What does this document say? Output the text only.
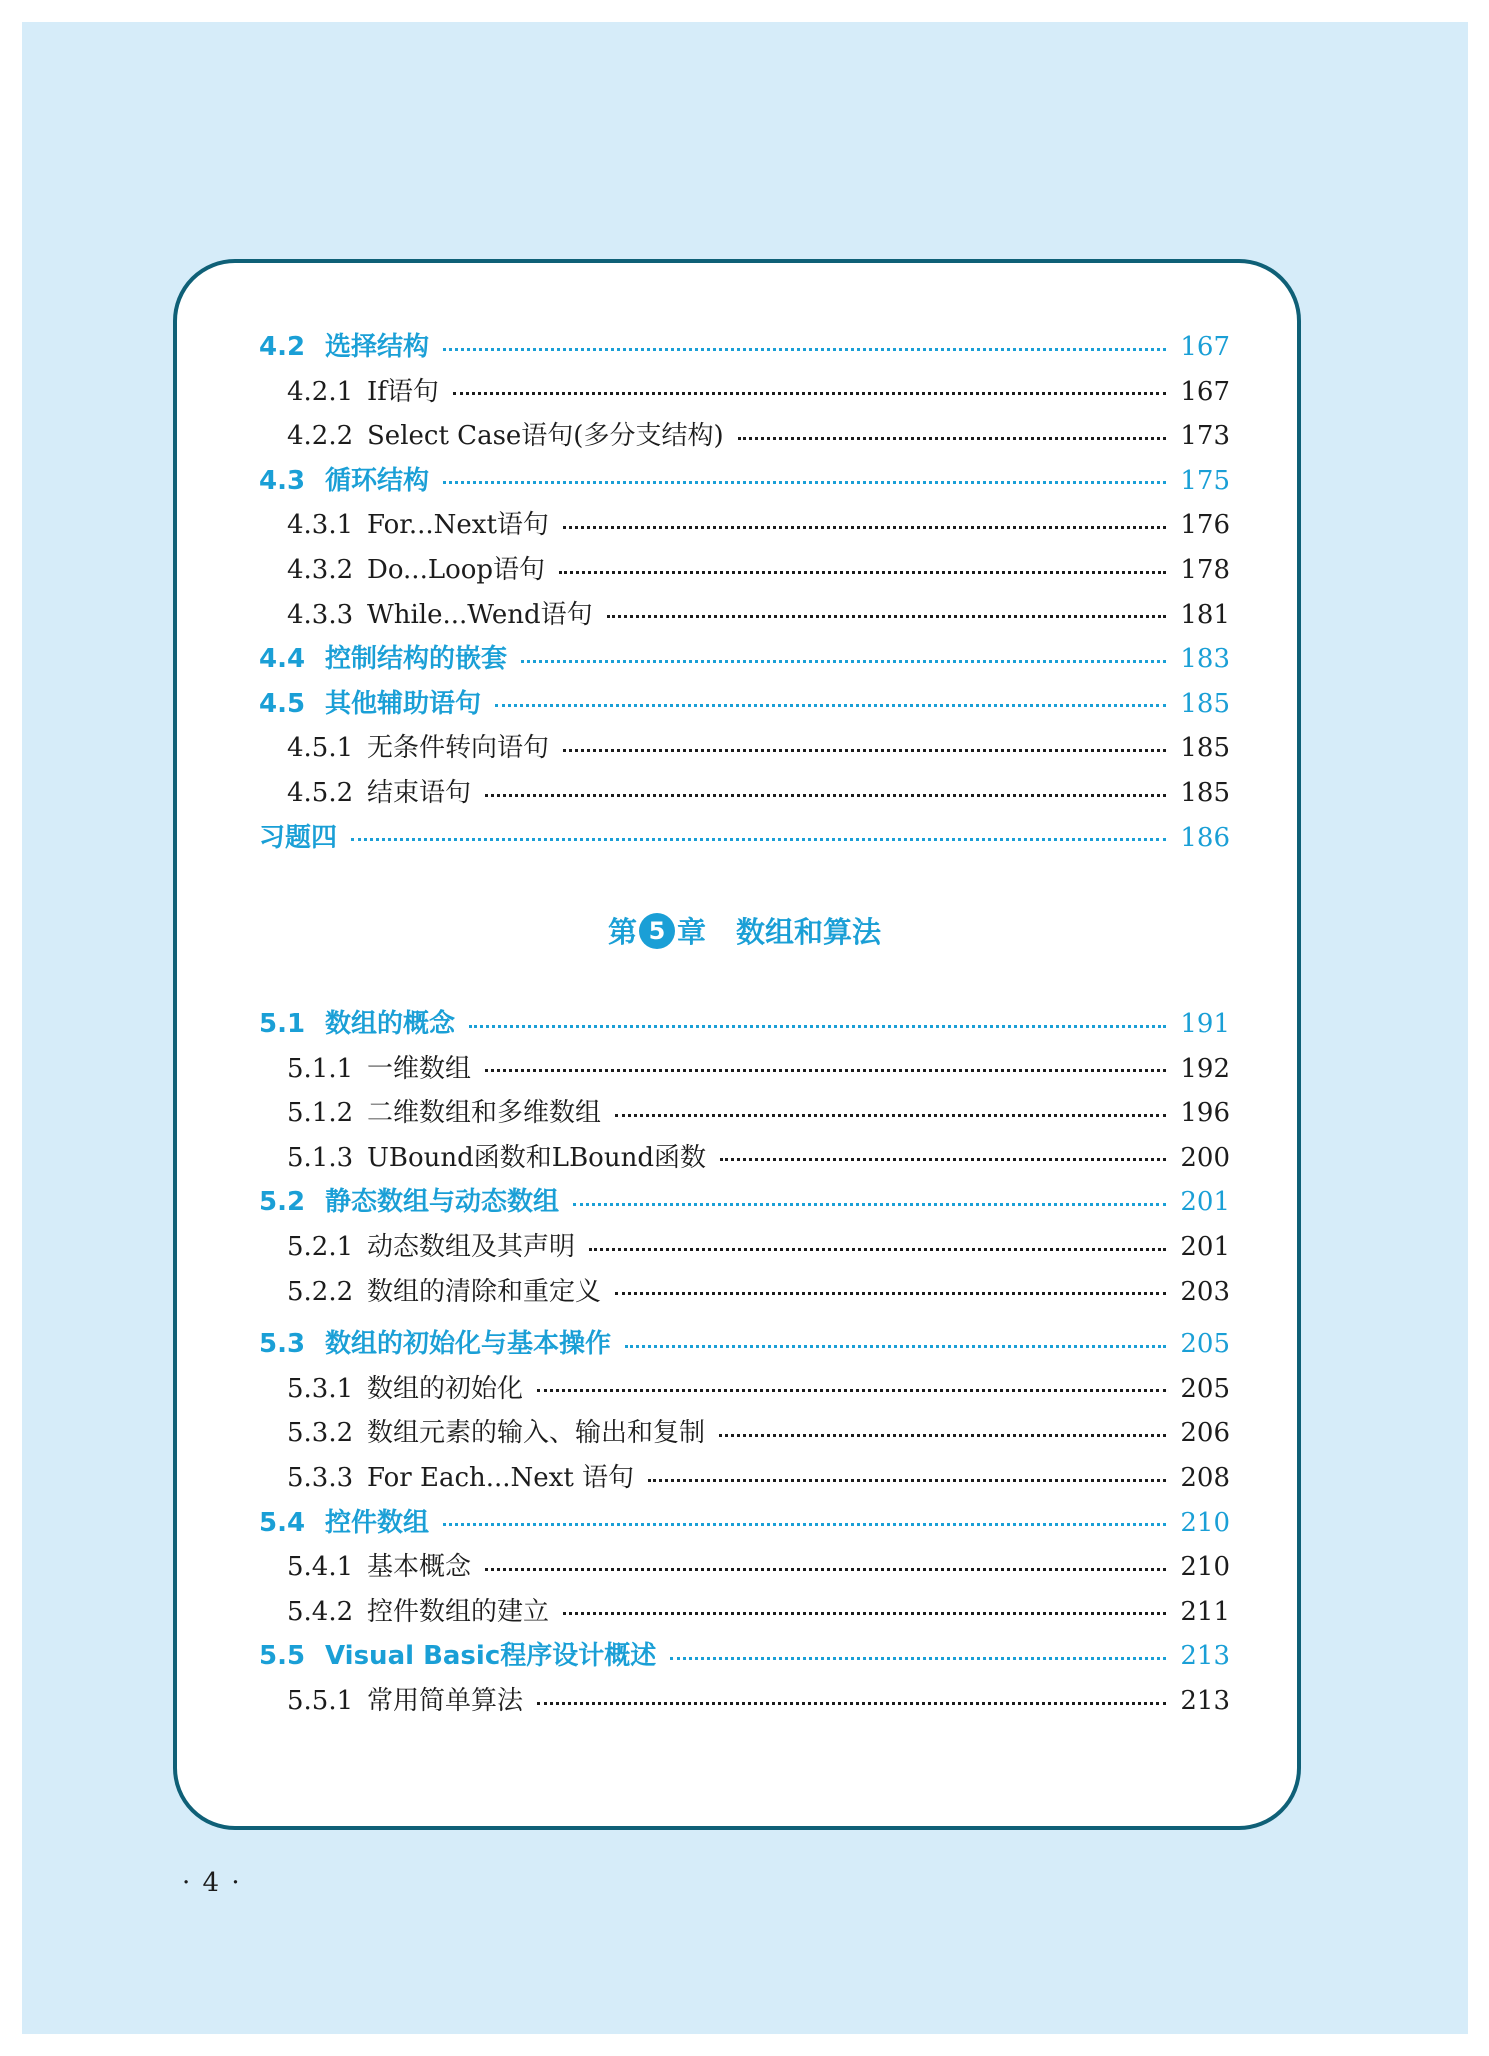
4.2 选择结构	167
4.2.1 If语句	167
4.2.2 Select Case语句(多分支结构)	173
4.3 循环结构	175
4.3.1 For...Next语句	176
4.3.2 Do...Loop语句	178
4.3.3 While...Wend语句	181
4.4 控制结构的嵌套	183
4.5 其他辅助语句	185
4.5.1 无条件转向语句	185
4.5.2 结束语句	185
习题四	186
第 5 章 数组和算法
5.1 数组的概念	191
5.1.1 一维数组	192
5.1.2 二维数组和多维数组	196
5.1.3 UBound函数和LBound函数	200
5.2 静态数组与动态数组	201
5.2.1 动态数组及其声明	201
5.2.2 数组的清除和重定义	203
5.3 数组的初始化与基本操作	205
5.3.1 数组的初始化	205
5.3.2 数组元素的输入、输出和复制	206
5.3.3 For Each...Next 语句	208
5.4 控件数组	210
5.4.1 基本概念	210
5.4.2 控件数组的建立	211
5.5 Visual Basic程序设计概述	213
5.5.1 常用简单算法	213
· 4 ·
